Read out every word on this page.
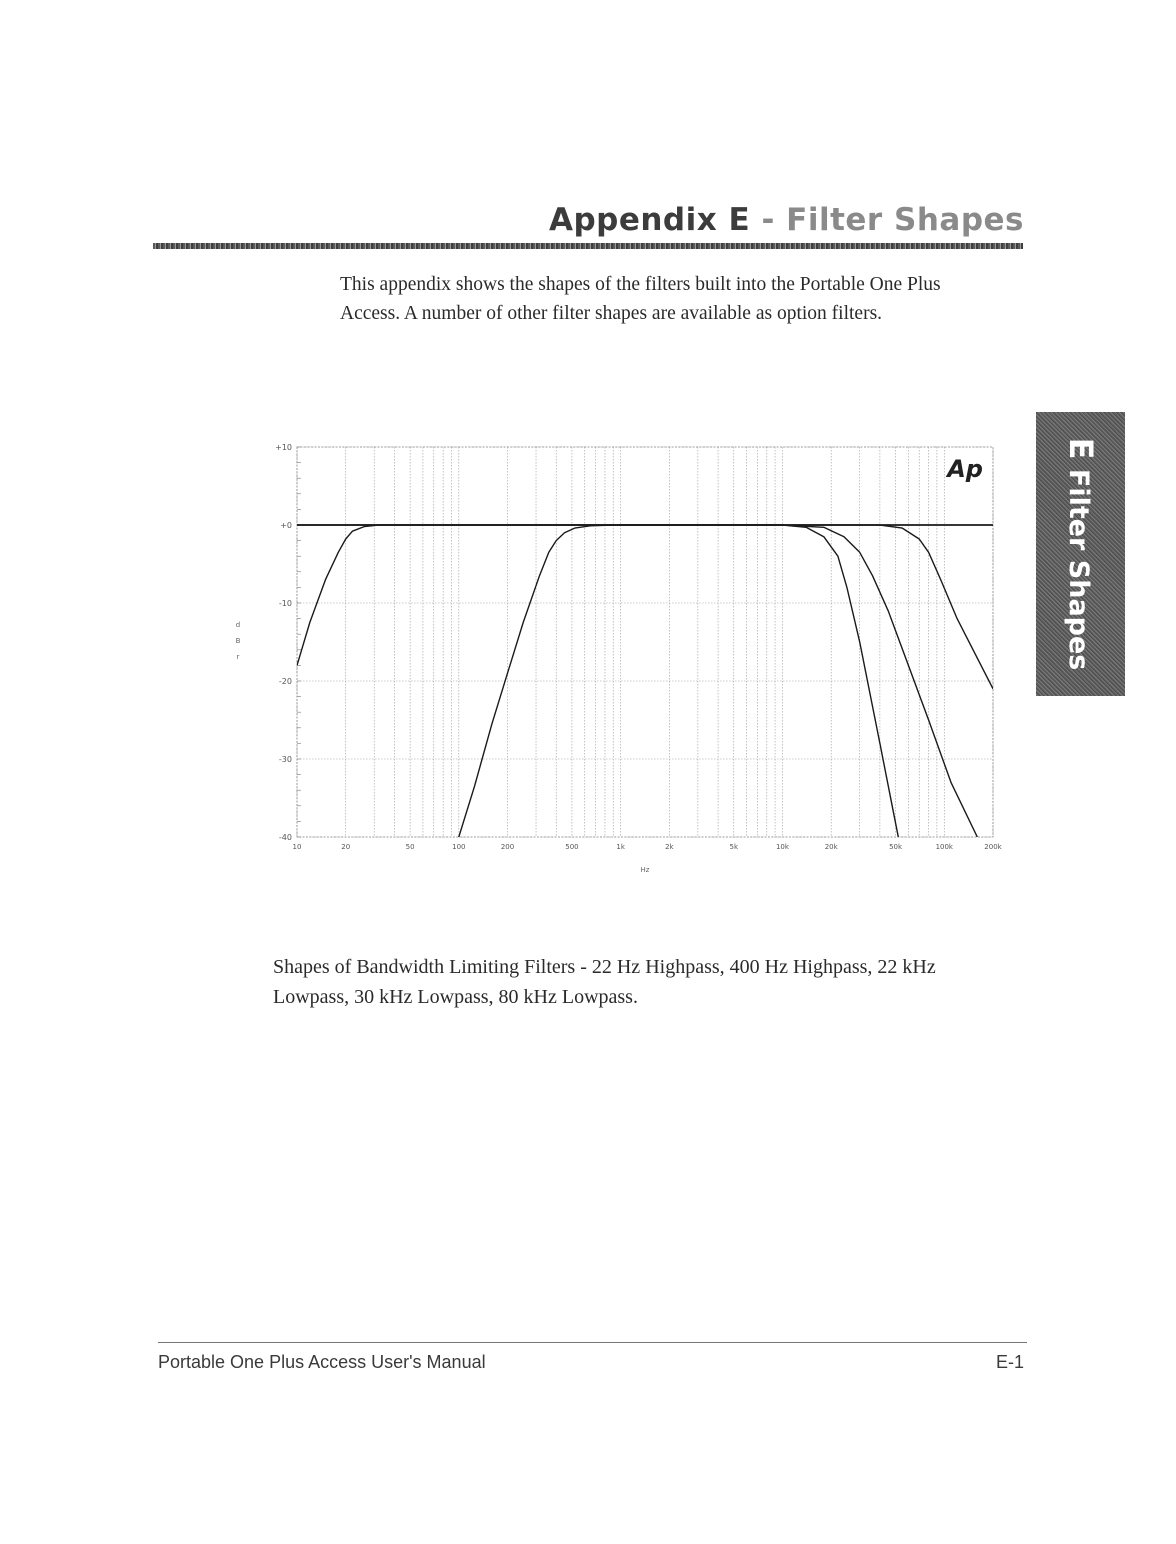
Appendix E - Filter Shapes

This appendix shows the shapes of the filters built into the Portable One Plus Access. A number of other filter shapes are available as option filters.

E Filter Shapes
+10
+0
-10
-20
-30
-40
10	20	50	100	200	500	1k	2k	5k	10k	20k	50k	100k	200k
Hz
d B r
Ap

Shapes of Bandwidth Limiting Filters - 22 Hz Highpass, 400 Hz Highpass, 22 kHz Lowpass, 30 kHz Lowpass, 80 kHz Lowpass.

Portable One Plus Access User's Manual	E-1
